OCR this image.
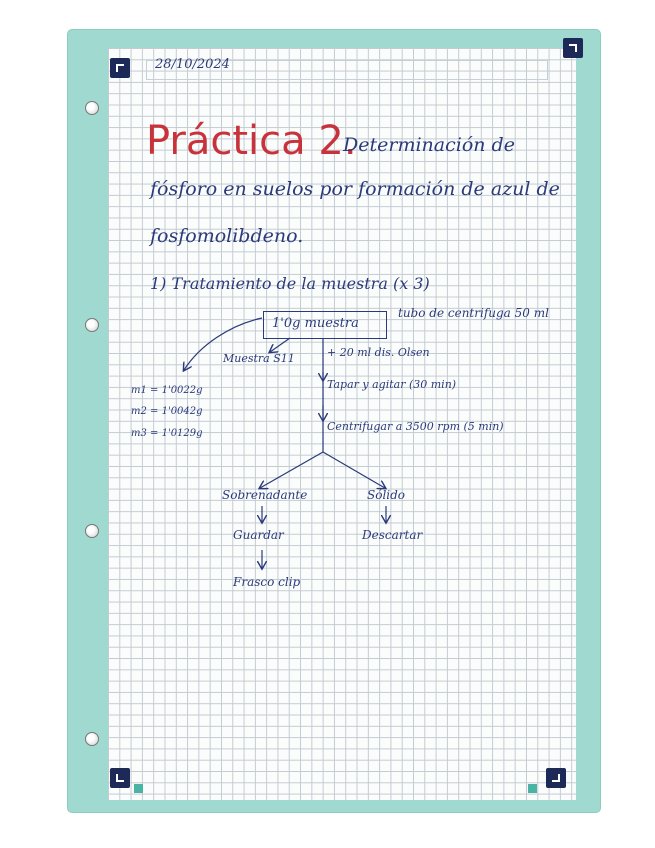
28/10/2024
Práctica 2.
Determinación de
fósforo en suelos por formación de azul de
fosfomolibdeno.
1) Tratamiento de la muestra (x 3)
1'0g muestra
tubo de centrifuga 50 ml
Muestra S11	+ 20 ml dis. Olsen
Tapar y agitar (30 min)
Centrifugar a 3500 rpm (5 min)
m1 = 1'0022g
m2 = 1'0042g
m3 = 1'0129g
Sobrenadante	Sólido
Guardar	Descartar
Frasco clip
